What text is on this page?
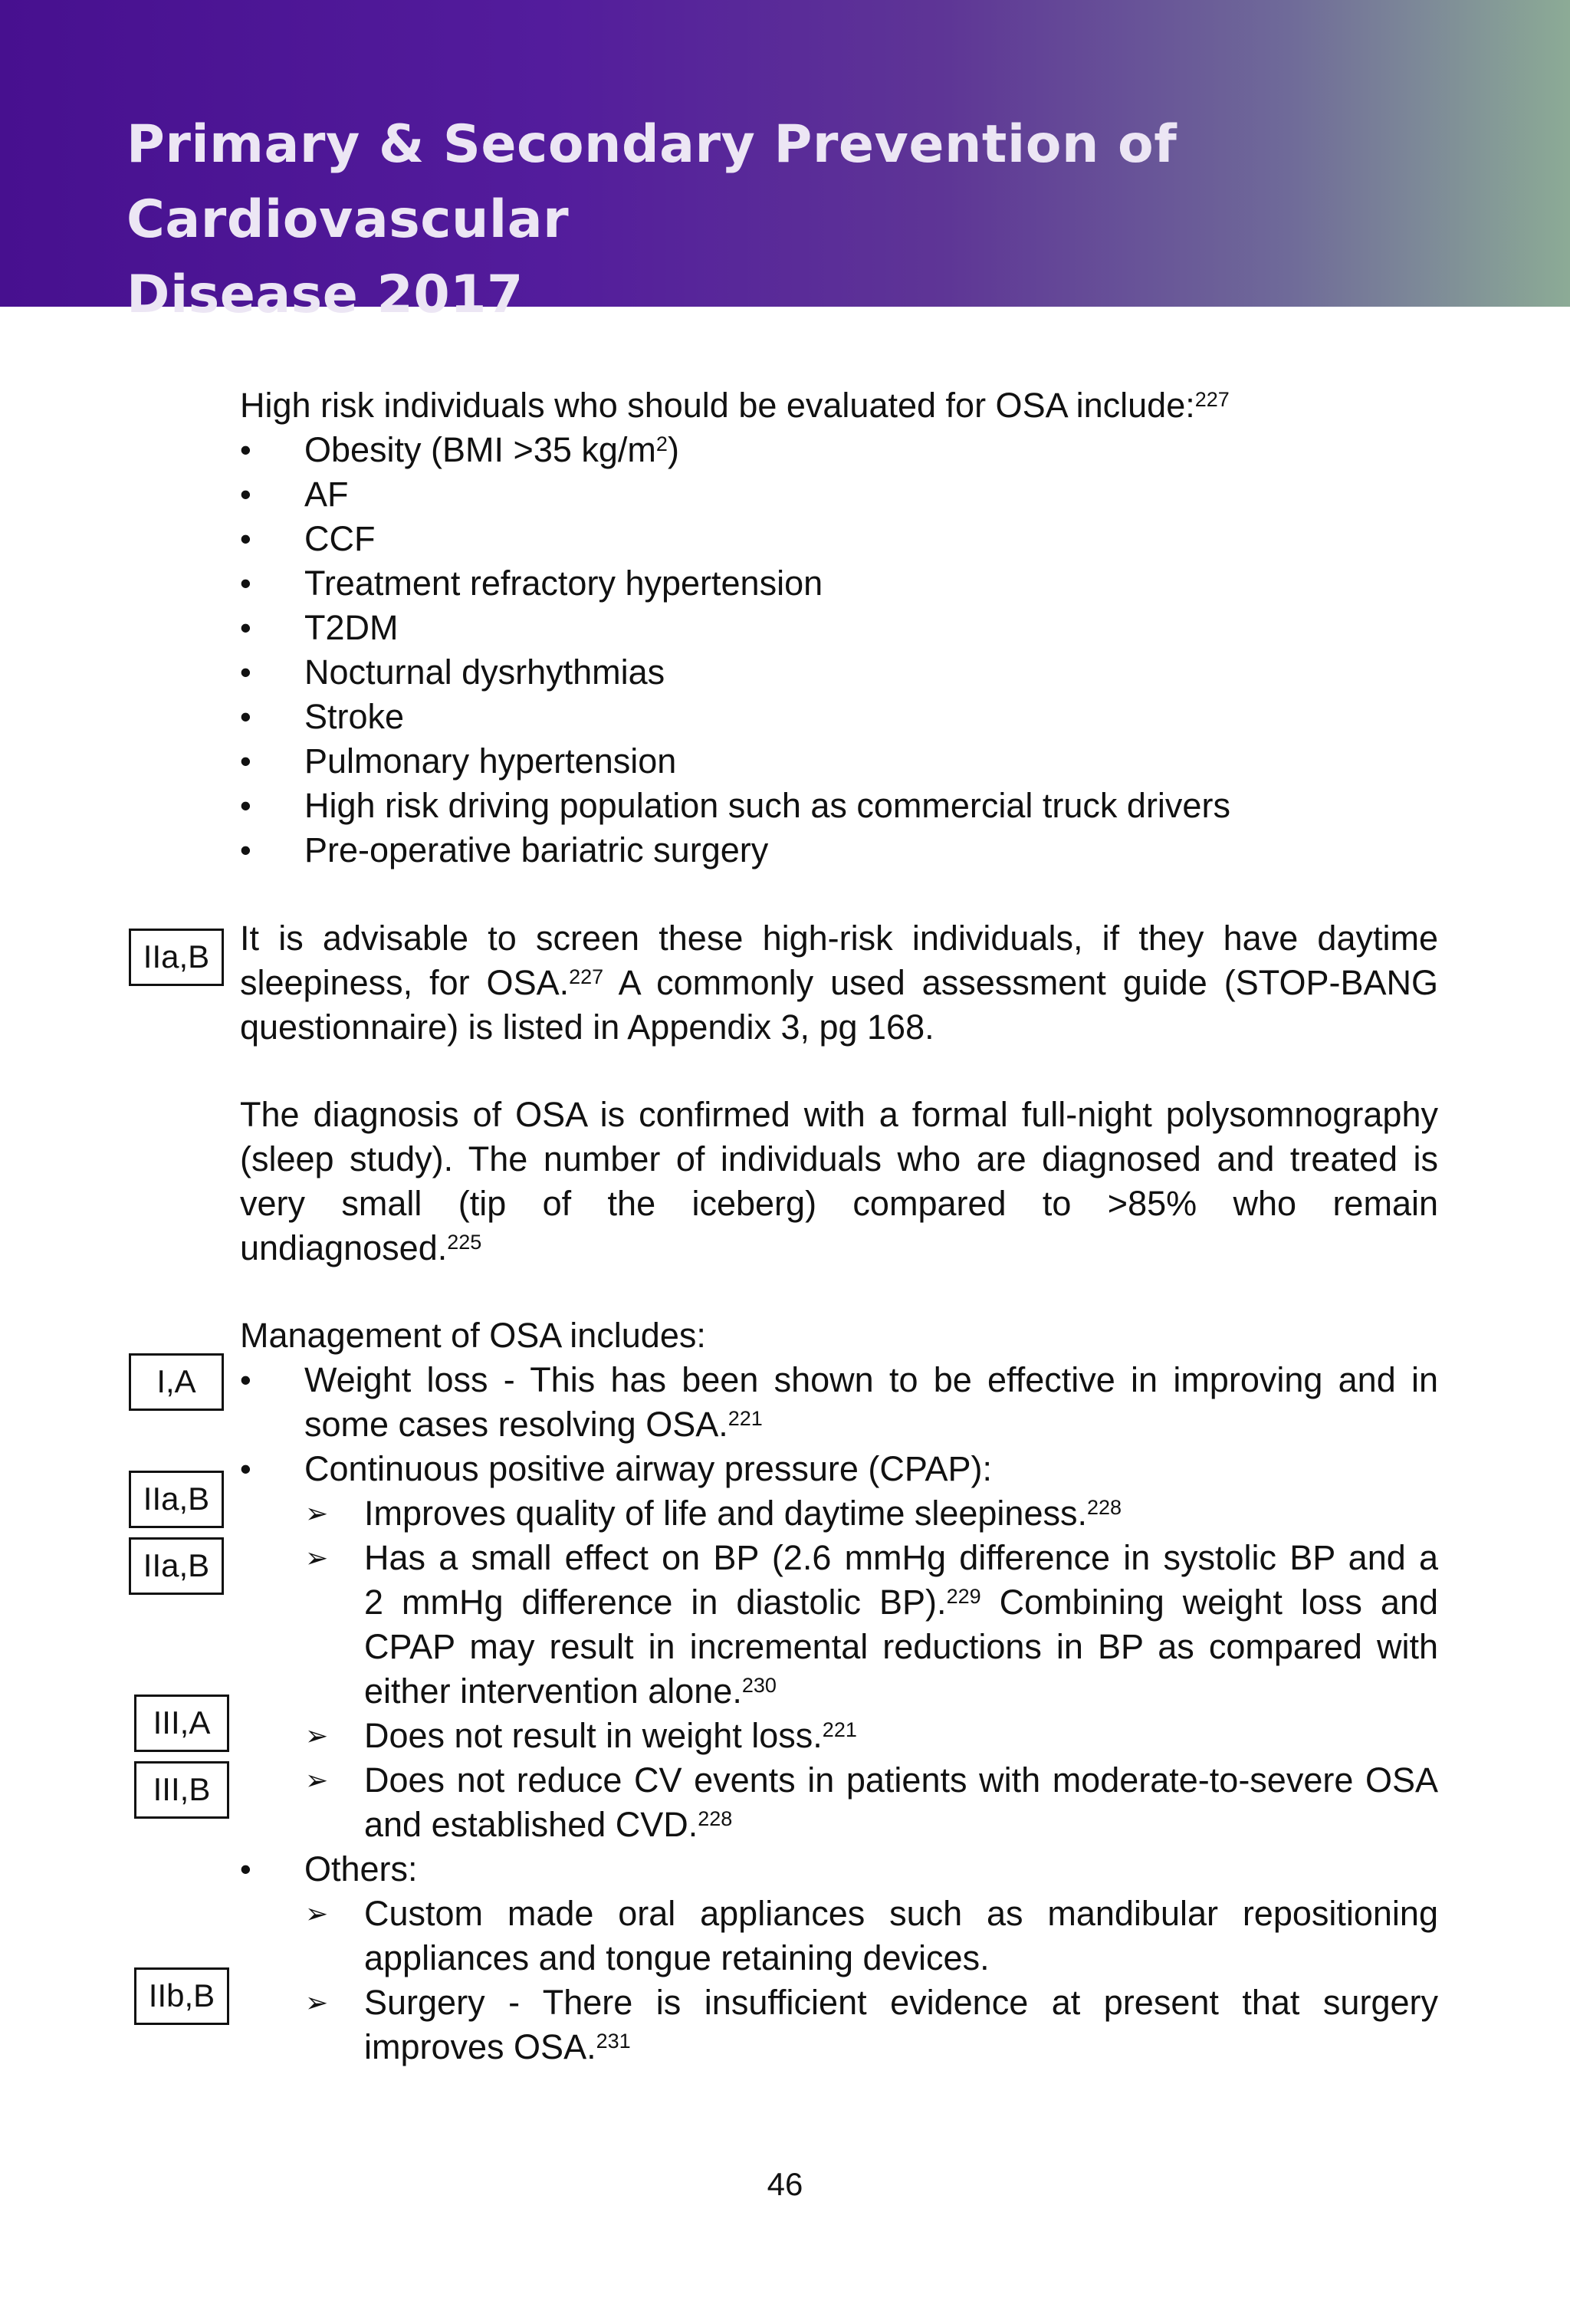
Primary & Secondary Prevention of Cardiovascular
Disease 2017
IIa,B
I,A
IIa,B
IIa,B
III,A
III,B
IIb,B
High risk individuals who should be evaluated for OSA include:$^{227}$
• Obesity (BMI >35 $kg/m^2$)
• AF
• CCF
• Treatment refractory hypertension
• T2DM
• Nocturnal dysrhythmias
• Stroke
• Pulmonary hypertension
• High risk driving population such as commercial truck drivers
• Pre-operative bariatric surgery
It is advisable to screen these high-risk individuals, if they have daytime
sleepiness, for OSA.$^{227}$ A commonly used assessment guide (STOP-BANG
questionnaire) is listed in Appendix 3, pg 168.
The diagnosis of OSA is confirmed with a formal full-night polysomnography
(sleep study). The number of individuals who are diagnosed and treated is
very small (tip of the iceberg) compared to >85% who remain
undiagnosed.$^{225}$
Management of OSA includes:
• Weight loss - This has been shown to be effective in improving and in
some cases resolving OSA.$^{221}$
• Continuous positive airway pressure (CPAP):
➢ Improves quality of life and daytime sleepiness.$^{228}$
➢ Has a small effect on BP (2.6 mmHg difference in systolic BP and a
2 mmHg difference in diastolic BP).$^{229}$ Combining weight loss and
CPAP may result in incremental reductions in BP as compared with
either intervention alone.$^{230}$
➢ Does not result in weight loss.$^{221}$
➢ Does not reduce CV events in patients with moderate-to-severe OSA
and established CVD.$^{228}$
• Others:
➢ Custom made oral appliances such as mandibular repositioning
appliances and tongue retaining devices.
➢ Surgery - There is insufficient evidence at present that surgery
improves OSA.$^{231}$
46
